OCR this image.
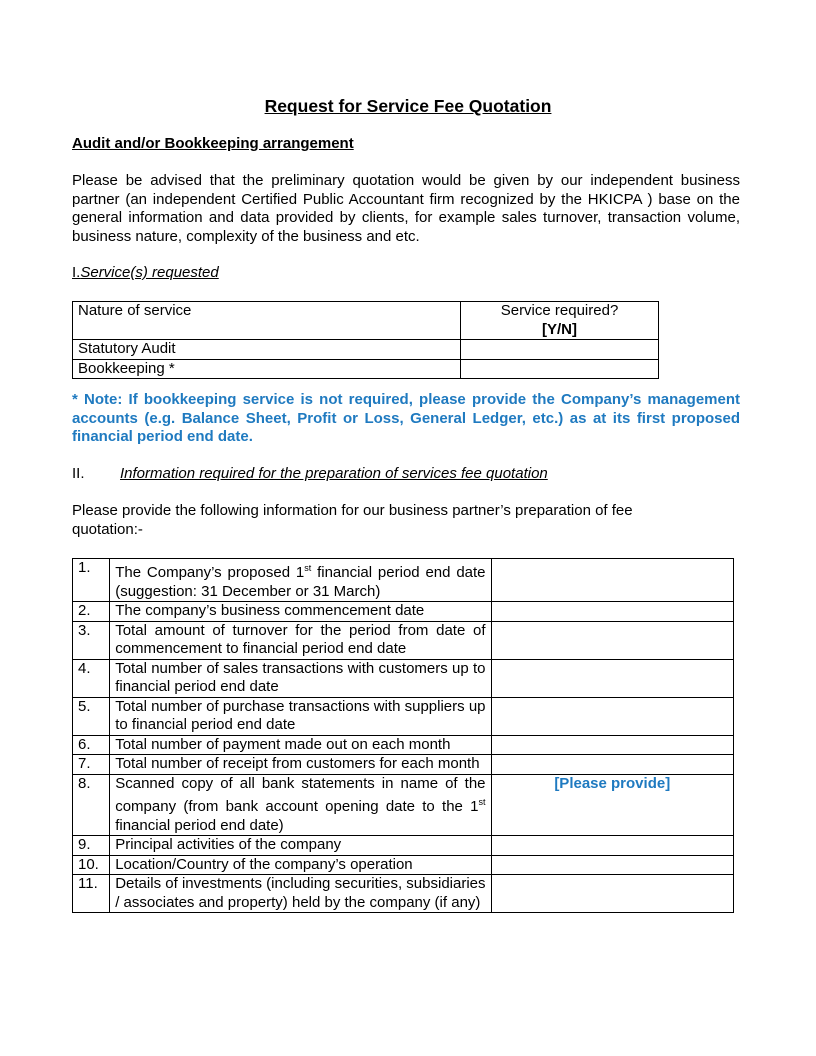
Request for Service Fee Quotation
Audit and/or Bookkeeping arrangement
Please be advised that the preliminary quotation would be given by our independent business partner (an independent Certified Public Accountant firm recognized by the HKICPA ) base on the general information and data provided by clients, for example sales turnover, transaction volume, business nature, complexity of the business and etc.
I.Service(s) requested
Nature of service	Service required?
[Y/N]

Statutory Audit	
Bookkeeping *	
* Note: If bookkeeping service is not required, please provide the Company’s management accounts (e.g. Balance Sheet, Profit or Loss, General Ledger, etc.) as at its first proposed financial period end date.
II. Information required for the preparation of services fee quotation
Please provide the following information for our business partner’s preparation of fee quotation:-
1.	The Company’s proposed 1st financial period end date (suggestion: 31 December or 31 March)	
2.	The company’s business commencement date	
3.	Total amount of turnover for the period from date of commencement to financial period end date	
4.	Total number of sales transactions with customers up to financial period end date	
5.	Total number of purchase transactions with suppliers up to financial period end date	
6.	Total number of payment made out on each month	
7.	Total number of receipt from customers for each month	
8.	Scanned copy of all bank statements in name of the company (from bank account opening date to the 1st financial period end date)	[Please provide]
9.	Principal activities of the company	
10.	Location/Country of the company’s operation	
11.	Details of investments (including securities, subsidiaries / associates and property) held by the company (if any)	
